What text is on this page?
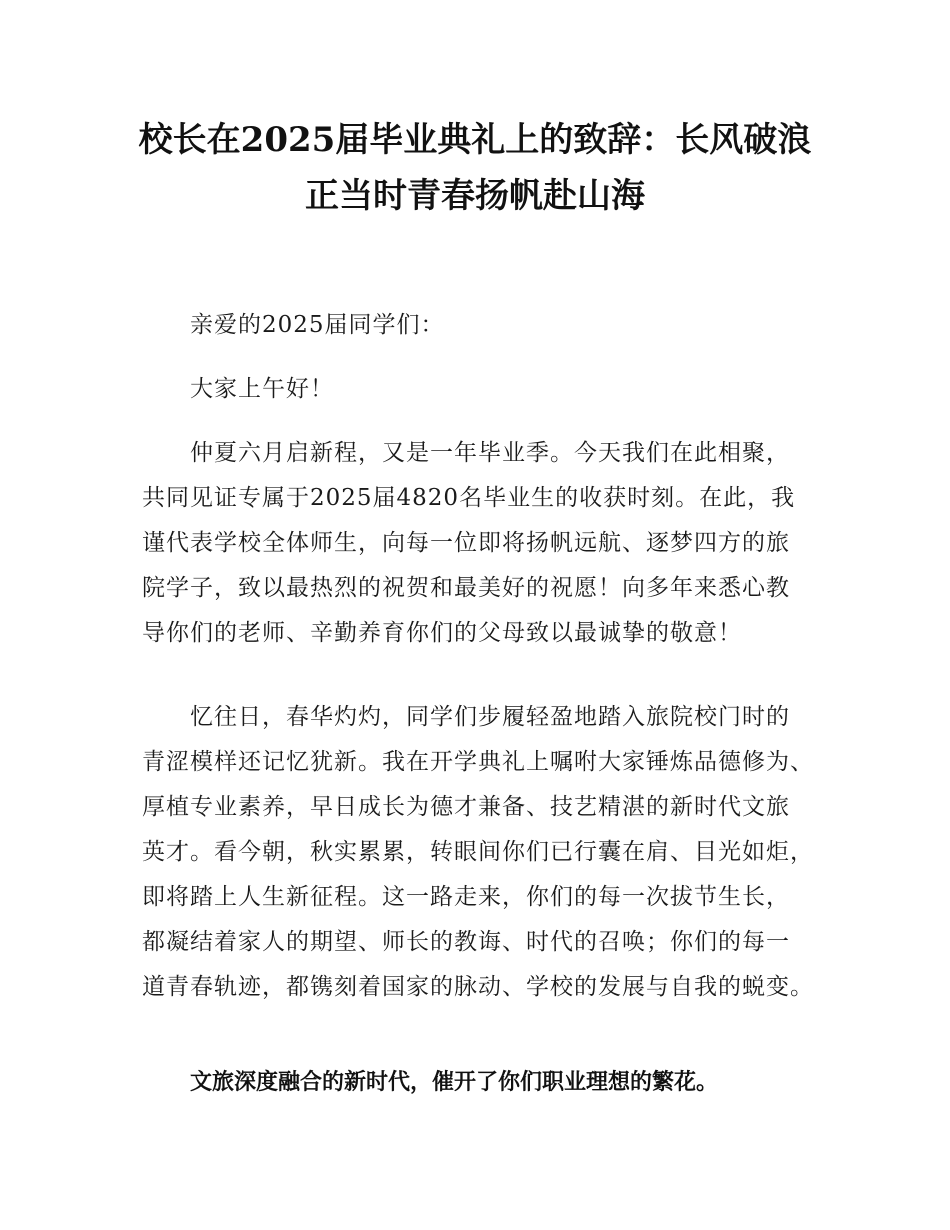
校长在2025届毕业典礼上的致辞：长风破浪
正当时青春扬帆赴山海

亲爱的2025届同学们：

大家上午好！

仲夏六月启新程，又是一年毕业季。今天我们在此相聚，
共同见证专属于2025届4820名毕业生的收获时刻。在此，我
谨代表学校全体师生，向每一位即将扬帆远航、逐梦四方的旅
院学子，致以最热烈的祝贺和最美好的祝愿！向多年来悉心教
导你们的老师、辛勤养育你们的父母致以最诚挚的敬意！
忆往日，春华灼灼，同学们步履轻盈地踏入旅院校门时的
青涩模样还记忆犹新。我在开学典礼上嘱咐大家锤炼品德修为、
厚植专业素养，早日成长为德才兼备、技艺精湛的新时代文旅
英才。看今朝，秋实累累，转眼间你们已行囊在肩、目光如炬，
即将踏上人生新征程。这一路走来，你们的每一次拔节生长，
都凝结着家人的期望、师长的教诲、时代的召唤；你们的每一
道青春轨迹，都镌刻着国家的脉动、学校的发展与自我的蜕变。
文旅深度融合的新时代，催开了你们职业理想的繁花。
